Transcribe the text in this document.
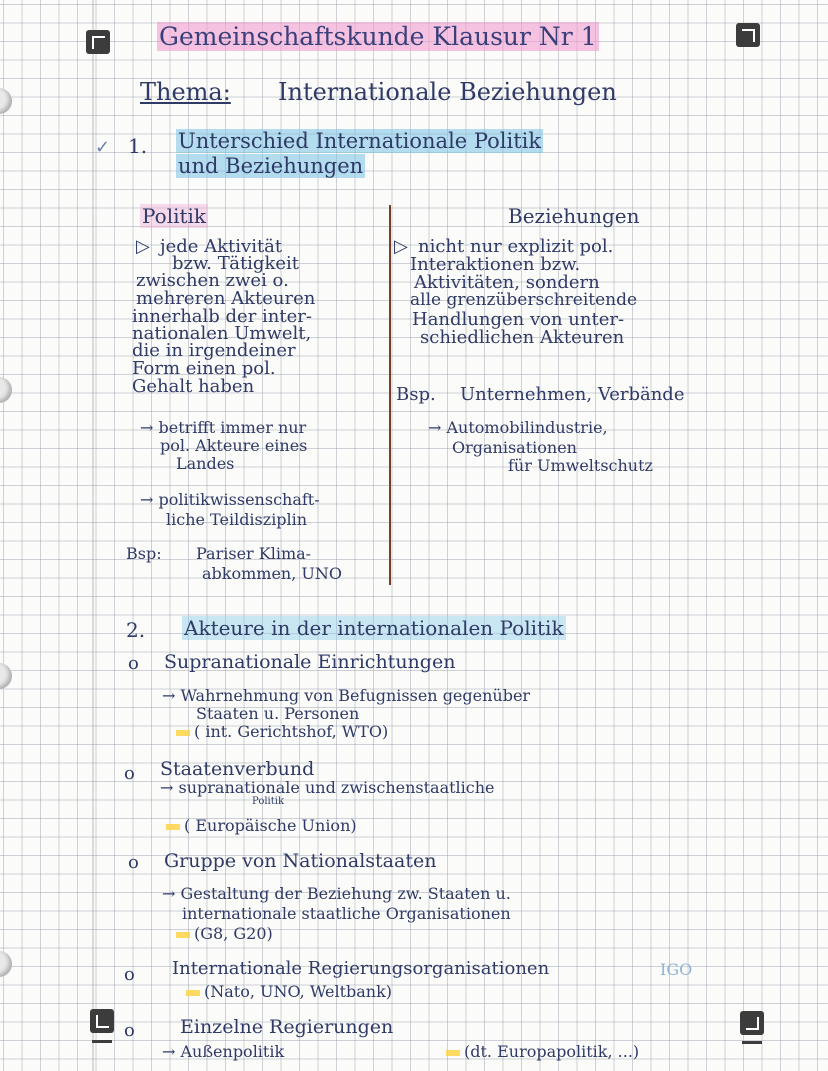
Gemeinschaftskunde Klausur Nr 1
Thema: Internationale Beziehungen
✓ 1. Unterschied Internationale Politik
und Beziehungen
Politik
▷ jede Aktivität
bzw. Tätigkeit
zwischen zwei o.
mehreren Akteuren
innerhalb der inter-
nationalen Umwelt,
die in irgendeiner
Form einen pol.
Gehalt haben
→ betrifft immer nur
pol. Akteure eines
Landes
→ politikwissenschaft-
liche Teildisziplin
Bsp: Pariser Klima-
abkommen, UNO
Beziehungen
▷ nicht nur explizit pol.
Interaktionen bzw.
Aktivitäten, sondern
alle grenzüberschreitende
Handlungen von unter-
schiedlichen Akteuren
Bsp. Unternehmen, Verbände
→ Automobilindustrie,
Organisationen
für Umweltschutz
2. Akteure in der internationalen Politik
o Supranationale Einrichtungen
→ Wahrnehmung von Befugnissen gegenüber
Staaten u. Personen
( int. Gerichtshof, WTO)
o Staatenverbund
→ supranationale und zwischenstaatliche
Politik
( Europäische Union)
o Gruppe von Nationalstaaten
→ Gestaltung der Beziehung zw. Staaten u.
internationale staatliche Organisationen
(G8, G20)
o Internationale Regierungsorganisationen	IGO
(Nato, UNO, Weltbank)
o Einzelne Regierungen
→ Außenpolitik	(dt. Europapolitik, ...)
